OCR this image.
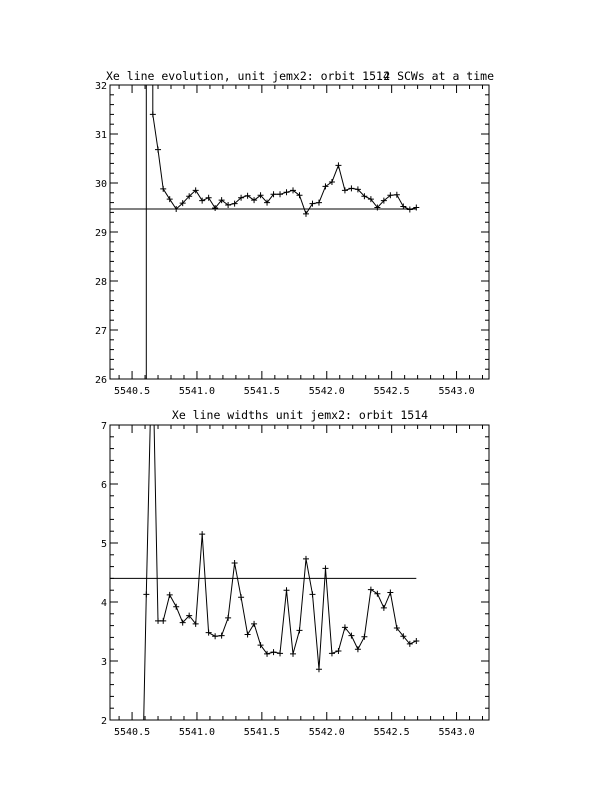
Xe line evolution, unit jemx2: orbit 1514
2 SCWs at a time
5540.5	5541.0	5541.5	5542.0	5542.5	5543.0
26
27
28
29
30
31
32
Xe line widths unit jemx2: orbit 1514
5540.5	5541.0	5541.5	5542.0	5542.5	5543.0
2
3
4
5
6
7
